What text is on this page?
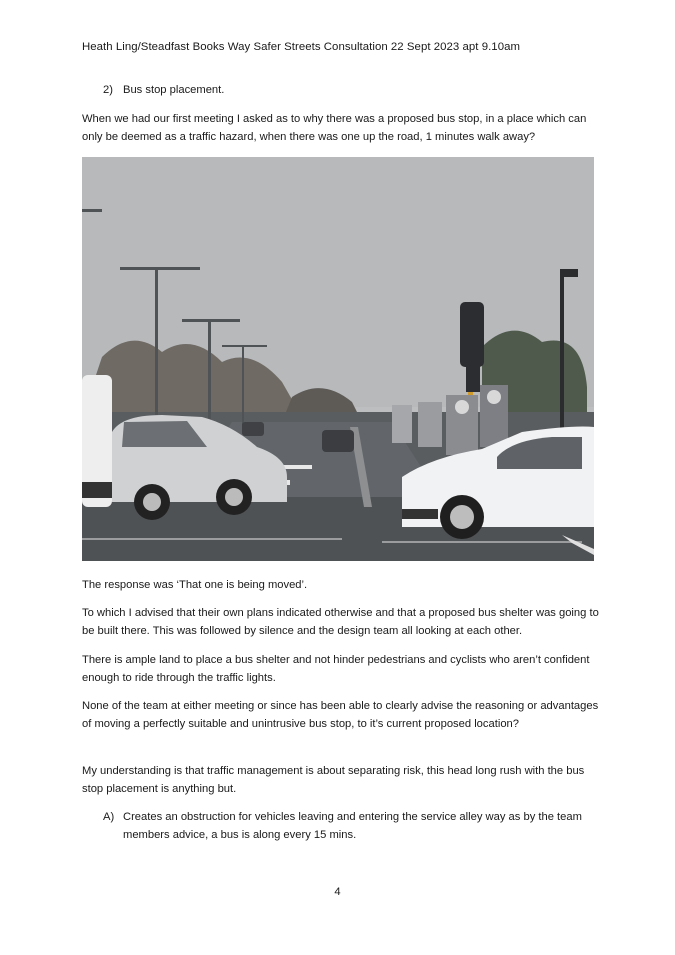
Heath Ling/Steadfast Books Way Safer Streets Consultation 22 Sept 2023 apt 9.10am
2) Bus stop placement.
When we had our first meeting I asked as to why there was a proposed bus stop, in a place which can only be deemed as a traffic hazard, when there was one up the road, 1 minutes walk away?
The response was ‘That one is being moved’.
To which I advised that their own plans indicated otherwise and that a proposed bus shelter was going to be built there. This was followed by silence and the design team all looking at each other.
There is ample land to place a bus shelter and not hinder pedestrians and cyclists who aren’t confident enough to ride through the traffic lights.
None of the team at either meeting or since has been able to clearly advise the reasoning or advantages of moving a perfectly suitable and unintrusive bus stop, to it’s current proposed location?
My understanding is that traffic management is about separating risk, this head long rush with the bus stop placement is anything but.
A) Creates an obstruction for vehicles leaving and entering the service alley way as by the team members advice, a bus is along every 15 mins.
4
